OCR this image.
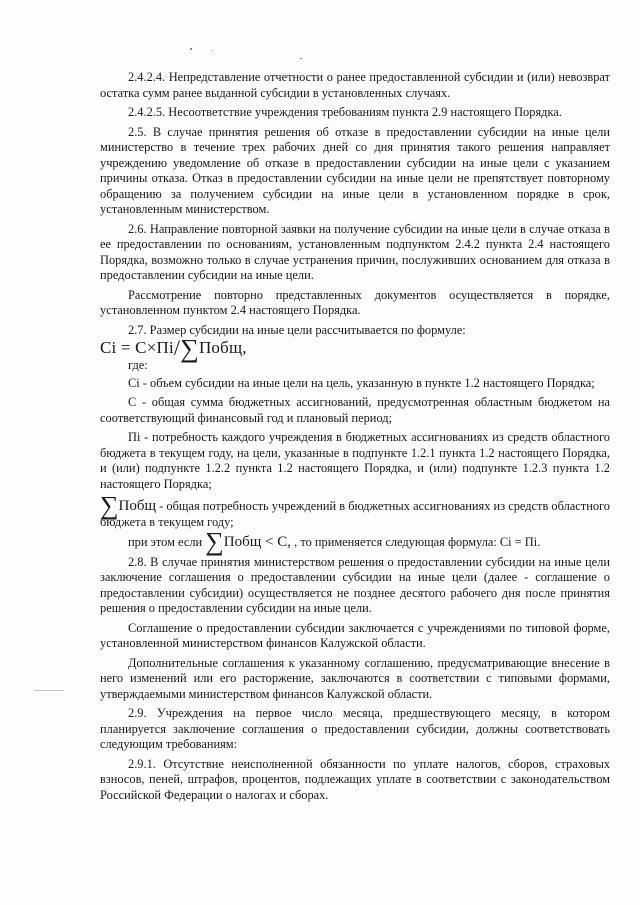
2.4.2.4. Непредставление отчетности о ранее предоставленной субсидии и (или) невозврат остатка сумм ранее выданной субсидии в установленных случаях.

2.4.2.5. Несоответствие учреждения требованиям пункта 2.9 настоящего Порядка.

2.5. В случае принятия решения об отказе в предоставлении субсидии на иные цели министерство в течение трех рабочих дней со дня принятия такого решения направляет учреждению уведомление об отказе в предоставлении субсидии на иные цели с указанием причины отказа. Отказ в предоставлении субсидии на иные цели не препятствует повторному обращению за получением субсидии на иные цели в установленном порядке в срок, установленным министерством.

2.6. Направление повторной заявки на получение субсидии на иные цели в случае отказа в ее предоставлении по основаниям, установленным подпунктом 2.4.2 пункта 2.4 настоящего Порядка, возможно только в случае устранения причин, послуживших основанием для отказа в предоставлении субсидии на иные цели.

Рассмотрение повторно представленных документов осуществляется в порядке, установленном пунктом 2.4 настоящего Порядка.

2.7. Размер субсидии на иные цели рассчитывается по формуле:

Ci = C×Пi/∑Побщ,

где:

Ci - объем субсидии на иные цели на цель, указанную в пункте 1.2 настоящего Порядка;

С - общая сумма бюджетных ассигнований, предусмотренная областным бюджетом на соответствующий финансовый год и плановый период;

Пi - потребность каждого учреждения в бюджетных ассигнованиях из средств областного бюджета в текущем году, на цели, указанные в подпункте 1.2.1 пункта 1.2 настоящего Порядка, и (или) подпункте 1.2.2 пункта 1.2 настоящего Порядка, и (или) подпункте 1.2.3 пункта 1.2 настоящего Порядка;

∑Побщ - общая потребность учреждений в бюджетных ассигнованиях из средств областного бюджета в текущем году;

при этом если ∑Побщ < С, , то применяется следующая формула: Ci = Пi.

2.8. В случае принятия министерством решения о предоставлении субсидии на иные цели заключение соглашения о предоставлении субсидии на иные цели (далее - соглашение о предоставлении субсидии) осуществляется не позднее десятого рабочего дня после принятия решения о предоставлении субсидии на иные цели.

Соглашение о предоставлении субсидии заключается с учреждениями по типовой форме, установленной министерством финансов Калужской области.

Дополнительные соглашения к указанному соглашению, предусматривающие внесение в него изменений или его расторжение, заключаются в соответствии с типовыми формами, утверждаемыми министерством финансов Калужской области.

2.9. Учреждения на первое число месяца, предшествующего месяцу, в котором планируется заключение соглашения о предоставлении субсидии, должны соответствовать следующим требованиям:

2.9.1. Отсутствие неисполненной обязанности по уплате налогов, сборов, страховых взносов, пеней, штрафов, процентов, подлежащих уплате в соответствии с законодательством Российской Федерации о налогах и сборах.
